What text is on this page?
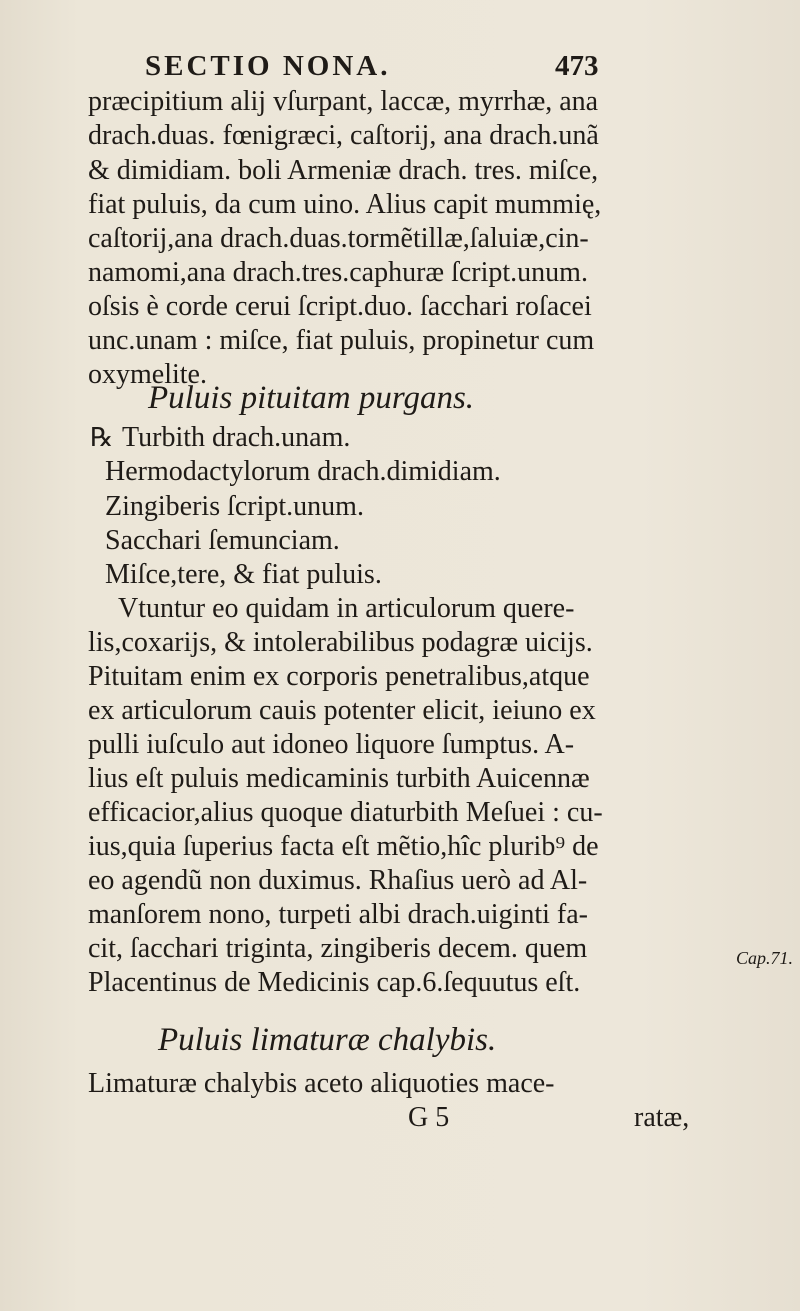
SECTIO NONA.	473
præcipitium alij vſurpant, laccæ, myrrhæ, ana
drach.duas. fœnigræci, caſtorij, ana drach.unã
& dimidiam. boli Armeniæ drach. tres. miſce,
fiat puluis, da cum uino. Alius capit mummię,
caſtorij,ana drach.duas.tormẽtillæ,ſaluiæ,cin-
namomi,ana drach.tres.caphuræ ſcript.unum.
oſsis è corde cerui ſcript.duo. ſacchari roſacei
unc.unam : miſce, fiat puluis, propinetur cum
oxymelite.
Puluis pituitam purgans.
℞ Turbith drach.unam.
Hermodactylorum drach.dimidiam.
Zingiberis ſcript.unum.
Sacchari ſemunciam.
Miſce,tere, & fiat puluis.
Vtuntur eo quidam in articulorum quere-
lis,coxarijs, & intolerabilibus podagræ uicijs.
Pituitam enim ex corporis penetralibus,atque
ex articulorum cauis potenter elicit, ieiuno ex
pulli iuſculo aut idoneo liquore ſumptus. A-
lius eſt puluis medicaminis turbith Auicennæ
efficacior,alius quoque diaturbith Meſuei : cu-
ius,quia ſuperius facta eſt mẽtio,hîc plurib⁹ de
eo agendũ non duximus. Rhaſius uerò ad Al-
manſorem nono, turpeti albi drach.uiginti fa-
cit, ſacchari triginta, zingiberis decem. quem
Placentinus de Medicinis cap.6.ſequutus eſt.
Cap.71.
Puluis limaturæ chalybis.
Limaturæ chalybis aceto aliquoties mace-
G 5	ratæ,
